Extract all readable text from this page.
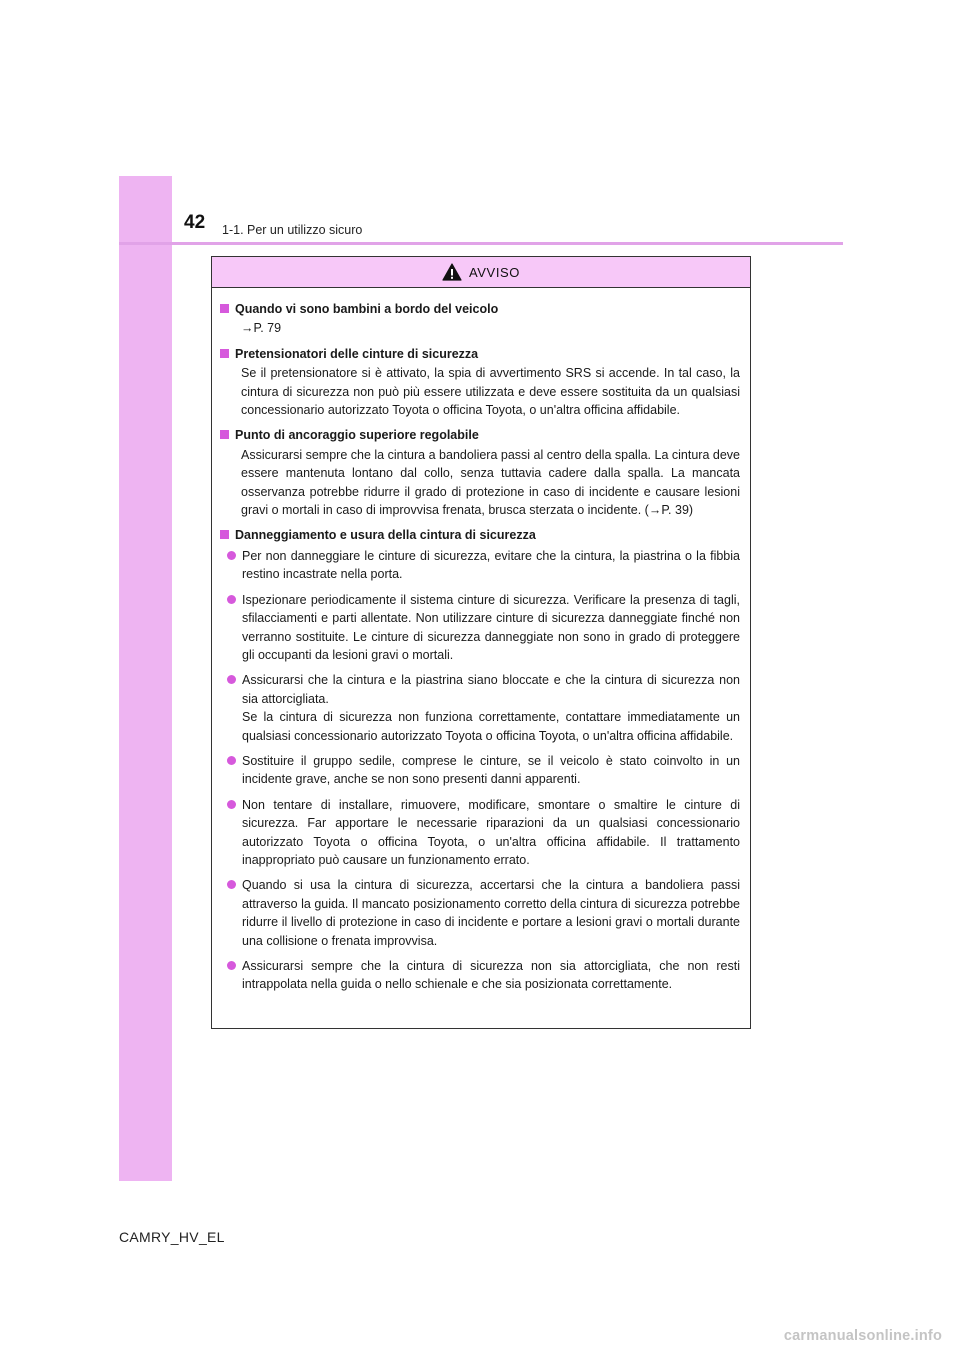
42 1-1. Per un utilizzo sicuro
AVVISO
Quando vi sono bambini a bordo del veicolo
→P. 79
Pretensionatori delle cinture di sicurezza
Se il pretensionatore si è attivato, la spia di avvertimento SRS si accende. In tal caso, la cintura di sicurezza non può più essere utilizzata e deve essere sostituita da un qualsiasi concessionario autorizzato Toyota o officina Toyota, o un'altra officina affidabile.
Punto di ancoraggio superiore regolabile
Assicurarsi sempre che la cintura a bandoliera passi al centro della spalla. La cintura deve essere mantenuta lontano dal collo, senza tuttavia cadere dalla spalla. La mancata osservanza potrebbe ridurre il grado di protezione in caso di incidente e causare lesioni gravi o mortali in caso di improvvisa frenata, brusca sterzata o incidente. (→P. 39)
Danneggiamento e usura della cintura di sicurezza
Per non danneggiare le cinture di sicurezza, evitare che la cintura, la piastrina o la fibbia restino incastrate nella porta.
Ispezionare periodicamente il sistema cinture di sicurezza. Verificare la presenza di tagli, sfilacciamenti e parti allentate. Non utilizzare cinture di sicurezza danneggiate finché non verranno sostituite. Le cinture di sicurezza danneggiate non sono in grado di proteggere gli occupanti da lesioni gravi o mortali.
Assicurarsi che la cintura e la piastrina siano bloccate e che la cintura di sicurezza non sia attorcigliata.
Se la cintura di sicurezza non funziona correttamente, contattare immediatamente un qualsiasi concessionario autorizzato Toyota o officina Toyota, o un'altra officina affidabile.
Sostituire il gruppo sedile, comprese le cinture, se il veicolo è stato coinvolto in un incidente grave, anche se non sono presenti danni apparenti.
Non tentare di installare, rimuovere, modificare, smontare o smaltire le cinture di sicurezza. Far apportare le necessarie riparazioni da un qualsiasi concessionario autorizzato Toyota o officina Toyota, o un'altra officina affidabile. Il trattamento inappropriato può causare un funzionamento errato.
Quando si usa la cintura di sicurezza, accertarsi che la cintura a bandoliera passi attraverso la guida. Il mancato posizionamento corretto della cintura di sicurezza potrebbe ridurre il livello di protezione in caso di incidente e portare a lesioni gravi o mortali durante una collisione o frenata improvvisa.
Assicurarsi sempre che la cintura di sicurezza non sia attorcigliata, che non resti intrappolata nella guida o nello schienale e che sia posizionata correttamente.
CAMRY_HV_EL
carmanualsonline.info
